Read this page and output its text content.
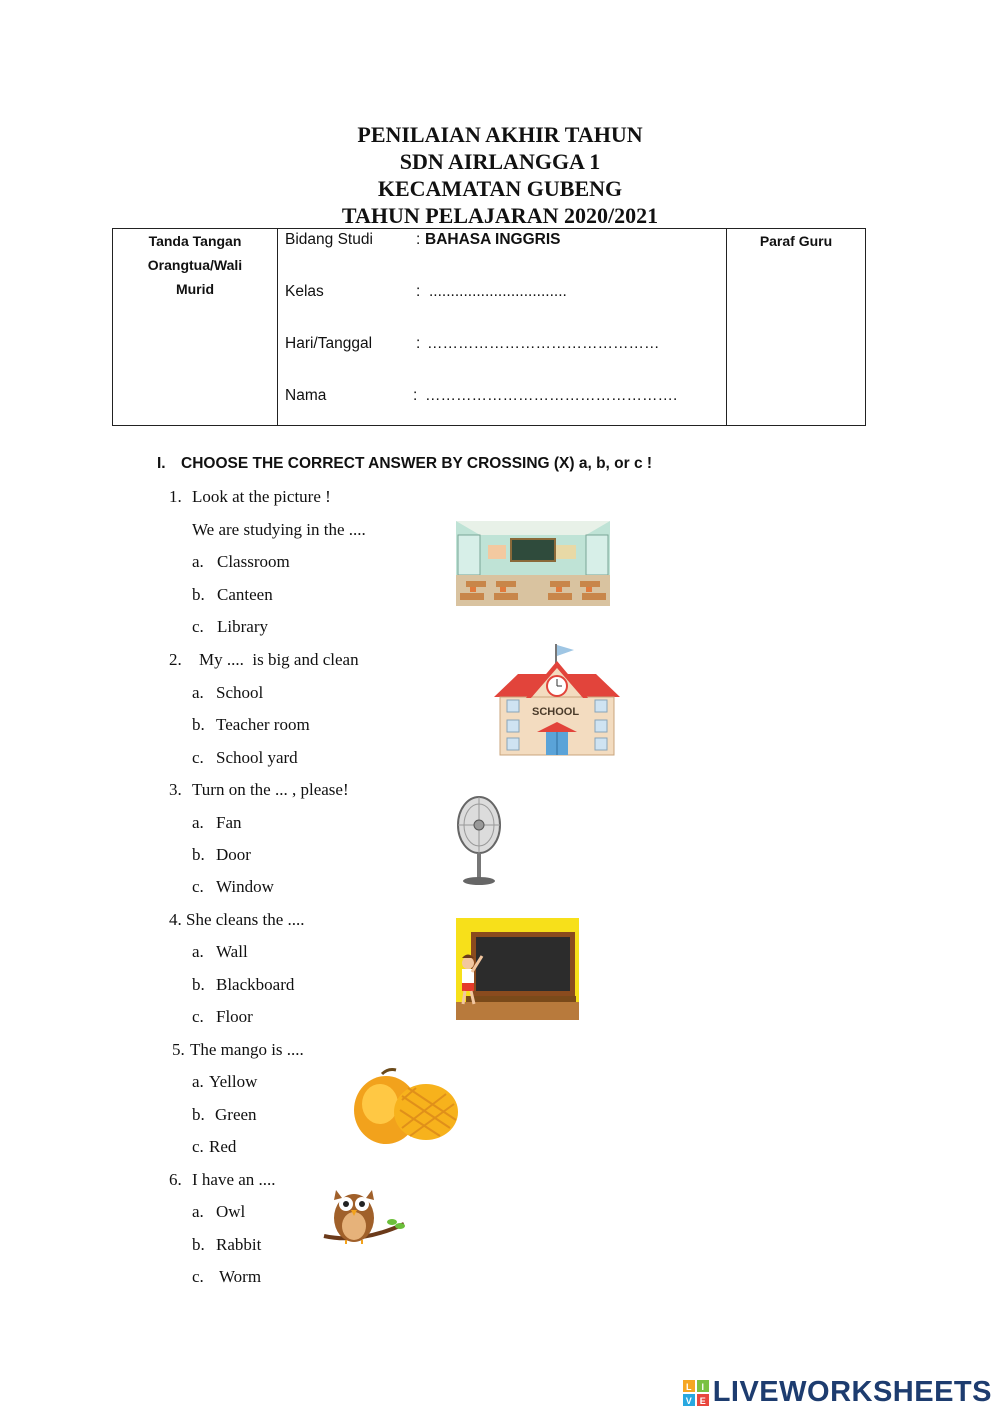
PENILAIAN AKHIR TAHUN
SDN AIRLANGGA 1
KECAMATAN GUBENG
TAHUN PELAJARAN 2020/2021
Tanda Tangan
Orangtua/Wali
Murid
Paraf Guru
Bidang Studi	: BAHASA INGGRIS
Kelas	: ................................
Hari/Tanggal	: ………………………………………
Nama	: ………………………………………….
I. CHOOSE THE CORRECT ANSWER BY CROSSING (X) a, b, or c !
1. Look at the picture !
We are studying in the ....
a. Classroom
b. Canteen
c. Library
2. My ....  is big and clean
a. School
b. Teacher room
c. School yard
SCHOOL
3. Turn on the ... , please!
a. Fan
b. Door
c. Window
4. She cleans the ....
a. Wall
b. Blackboard
c. Floor
5. The mango is ....
a. Yellow
b. Green
c. Red
6. I have an ....
a. Owl
b. Rabbit
c. Worm
L I
V E LIVEWORKSHEETS
